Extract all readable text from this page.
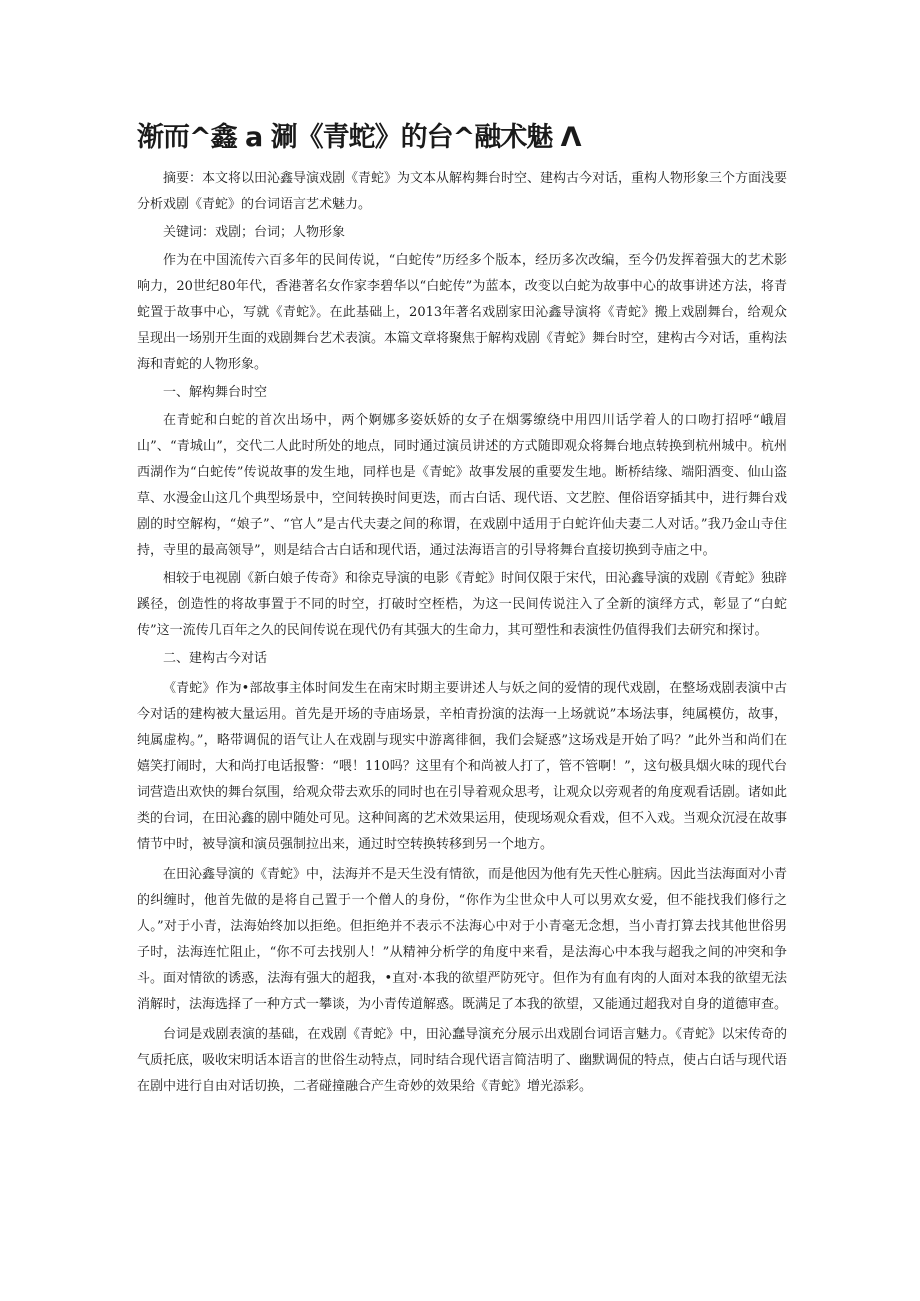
渐而^鑫 a 涮《青蛇》的台^融术魅 Λ

摘要：本文将以田沁鑫导演戏剧《青蛇》为文本从解构舞台时空、建构古今对话，重构人物形象三个方面浅要分析戏剧《青蛇》的台词语言艺术魅力。

关键词：戏剧；台词；人物形象

作为在中国流传六百多年的民间传说，“白蛇传”历经多个版本，经历多次改编，至今仍发挥着强大的艺术影响力，20世纪80年代，香港著名女作家李碧华以“白蛇传”为蓝本，改变以白蛇为故事中心的故事讲述方法，将青蛇置于故事中心，写就《青蛇》。在此基础上，2013年著名戏剧家田沁鑫导演将《青蛇》搬上戏剧舞台，给观众呈现出一场别开生面的戏剧舞台艺术表演。本篇文章将聚焦于解构戏剧《青蛇》舞台时空，建构古今对话，重构法海和青蛇的人物形象。

一、解构舞台时空

在青蛇和白蛇的首次出场中，两个婀娜多姿妖娇的女子在烟雾缭绕中用四川话学着人的口吻打招呼“峨眉山”、“青城山”，交代二人此时所处的地点，同时通过演员讲述的方式随即观众将舞台地点转换到杭州城中。杭州西湖作为“白蛇传”传说故事的发生地，同样也是《青蛇》故事发展的重要发生地。断桥结缘、端阳酒变、仙山盗草、水漫金山这几个典型场景中，空间转换时间更迭，而古白话、现代语、文艺腔、俚俗语穿插其中，进行舞台戏剧的时空解构，“娘子”、“官人”是古代夫妻之间的称谓，在戏剧中适用于白蛇许仙夫妻二人对话。”我乃金山寺住持，寺里的最高领导”，则是结合古白话和现代语，通过法海语言的引导将舞台直接切换到寺庙之中。

相较于电视剧《新白娘子传奇》和徐克导演的电影《青蛇》时间仅限于宋代，田沁鑫导演的戏剧《青蛇》独辟蹊径，创造性的将故事置于不同的时空，打破时空桎梏，为这一民间传说注入了全新的演绎方式，彰显了“白蛇传”这一流传几百年之久的民间传说在现代仍有其强大的生命力，其可塑性和表演性仍值得我们去研究和探讨。

二、建构古今对话

《青蛇》作为•部故事主体时间发生在南宋时期主要讲述人与妖之间的爱情的现代戏剧，在整场戏剧表演中古今对话的建构被大量运用。首先是开场的寺庙场景，辛柏青扮演的法海一上场就说”本场法事，纯属模仿，故事，纯属虚构。”，略带调侃的语气让人在戏剧与现实中游离徘徊，我们会疑惑”这场戏是开始了吗？”此外当和尚们在嬉笑打闹时，大和尚打电话报警：“喂！110吗？这里有个和尚被人打了，管不管啊！”，这句极具烟火味的现代台词营造出欢快的舞台氛围，给观众带去欢乐的同时也在引导着观众思考，让观众以旁观者的角度观看话剧。诸如此类的台词，在田沁鑫的剧中随处可见。这种间离的艺术效果运用，使现场观众看戏，但不入戏。当观众沉浸在故事情节中时，被导演和演员强制拉出来，通过时空转换转移到另一个地方。

在田沁鑫导演的《青蛇》中，法海并不是天生没有情欲，而是他因为他有先天性心脏病。因此当法海面对小青的纠缠时，他首先做的是将自己置于一个僧人的身份，“你作为尘世众中人可以男欢女爱，但不能找我们修行之人。”对于小青，法海始终加以拒绝。但拒绝并不表示不法海心中对于小青毫无念想，当小青打算去找其他世俗男子时，法海连忙阻止，“你不可去找别人！”从精神分析学的角度中来看，是法海心中本我与超我之间的冲突和争斗。面对情欲的诱惑，法海有强大的超我，•直对·本我的欲望严防死守。但作为有血有肉的人面对本我的欲望无法消解时，法海选择了一种方式一攀谈，为小青传道解惑。既满足了本我的欲望，又能通过超我对自身的道德审查。

台词是戏剧表演的基础，在戏剧《青蛇》中，田沁蠢导演充分展示出戏剧台词语言魅力。《青蛇》以宋传奇的气质托底，吸收宋明话本语言的世俗生动特点，同时结合现代语言简洁明了、幽默调侃的特点，使占白话与现代语在剧中进行自由对话切换，二者碰撞融合产生奇妙的效果给《青蛇》增光添彩。
